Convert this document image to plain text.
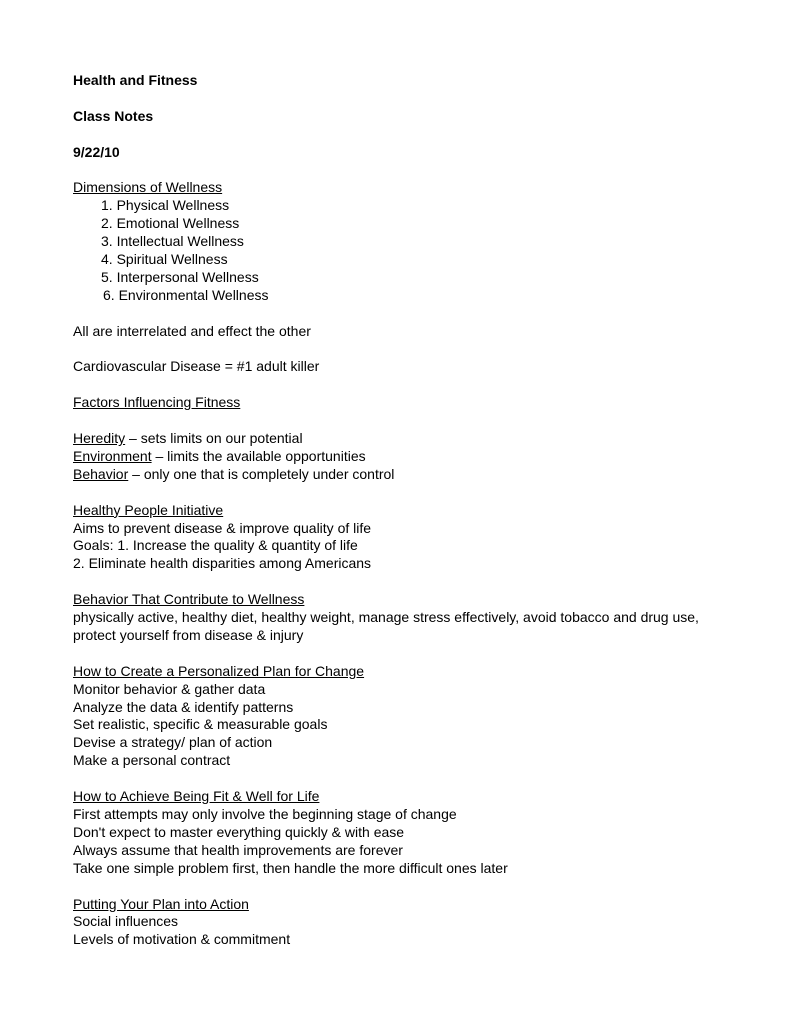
Health and Fitness
Class Notes
9/22/10
Dimensions of Wellness
1. Physical Wellness
2. Emotional Wellness
3. Intellectual Wellness
4. Spiritual Wellness
5. Interpersonal Wellness
6. Environmental Wellness
All are interrelated and effect the other
Cardiovascular Disease = #1 adult killer
Factors Influencing Fitness
Heredity – sets limits on our potential
Environment – limits the available opportunities
Behavior – only one that is completely under control
Healthy People Initiative
Aims to prevent disease & improve quality of life
Goals: 1. Increase the quality & quantity of life
2. Eliminate health disparities among Americans
Behavior That Contribute to Wellness
physically active, healthy diet, healthy weight, manage stress effectively, avoid tobacco and drug use, protect yourself from disease & injury
How to Create a Personalized Plan for Change
Monitor behavior & gather data
Analyze the data & identify patterns
Set realistic, specific & measurable goals
Devise a strategy/ plan of action
Make a personal contract
How to Achieve Being Fit & Well for Life
First attempts may only involve the beginning stage of change
Don't expect to master everything quickly & with ease
Always assume that health improvements are forever
Take one simple problem first, then handle the more difficult ones later
Putting Your Plan into Action
Social influences
Levels of motivation & commitment
